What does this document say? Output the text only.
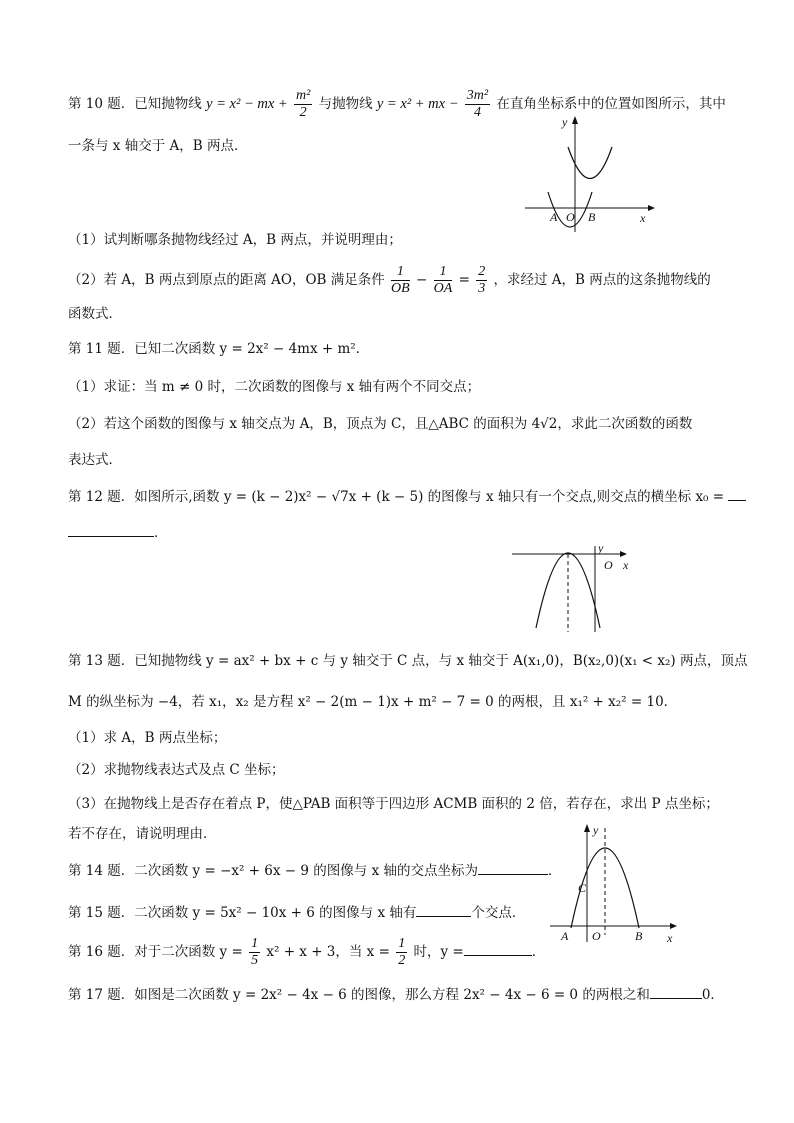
第 10 题．已知抛物线 y = x² − mx + $\frac{\text{m²}}{2}$ 与抛物线 y = x² + mx − $\frac{\text{3m²}}{4}$ 在直角坐标系中的位置如图所示，其中
一条与 x 轴交于 A，B 两点．
y
x
A O B
（1）试判断哪条抛物线经过 A，B 两点，并说明理由；
（2）若 A，B 两点到原点的距离 AO，OB 满足条件 $\frac{1}{OB} - \frac{1}{OA} = \frac{2}{3}$ ，求经过 A，B 两点的这条抛物线的
函数式．
第 11 题．已知二次函数 y = 2x² − 4mx + m²．
（1）求证：当 m ≠ 0 时，二次函数的图像与 x 轴有两个不同交点；
（2）若这个函数的图像与 x 轴交点为 A，B，顶点为 C，且△ABC 的面积为 4√2，求此二次函数的函数
表达式．
第 12 题．如图所示,函数 y = (k − 2)x² − √7x + (k − 5) 的图像与 x 轴只有一个交点,则交点的横坐标 x₀ =
．
y
O x
第 13 题．已知抛物线 y = ax² + bx + c 与 y 轴交于 C 点，与 x 轴交于 A(x₁,0)，B(x₂,0)(x₁ < x₂) 两点，顶点
M 的纵坐标为 −4，若 x₁，x₂ 是方程 x² − 2(m − 1)x + m² − 7 = 0 的两根，且 x₁² + x₂² = 10．
（1）求 A，B 两点坐标；
（2）求抛物线表达式及点 C 坐标；
（3）在抛物线上是否存在着点 P，使△PAB 面积等于四边形 ACMB 面积的 2 倍，若存在，求出 P 点坐标；
若不存在，请说明理由．	y
x
C
A O	B
第 14 题．二次函数 y = −x² + 6x − 9 的图像与 x 轴的交点坐标为	．
第 15 题．二次函数 y = 5x² − 10x + 6 的图像与 x 轴有	个交点．
第 16 题．对于二次函数 $y = \frac{1}{5} x^2 + x + 3$，当 $x = \frac{1}{2}$ 时，y =	．
第 17 题．如图是二次函数 y = 2x² − 4x − 6 的图像，那么方程 2x² − 4x − 6 = 0 的两根之和	0．
